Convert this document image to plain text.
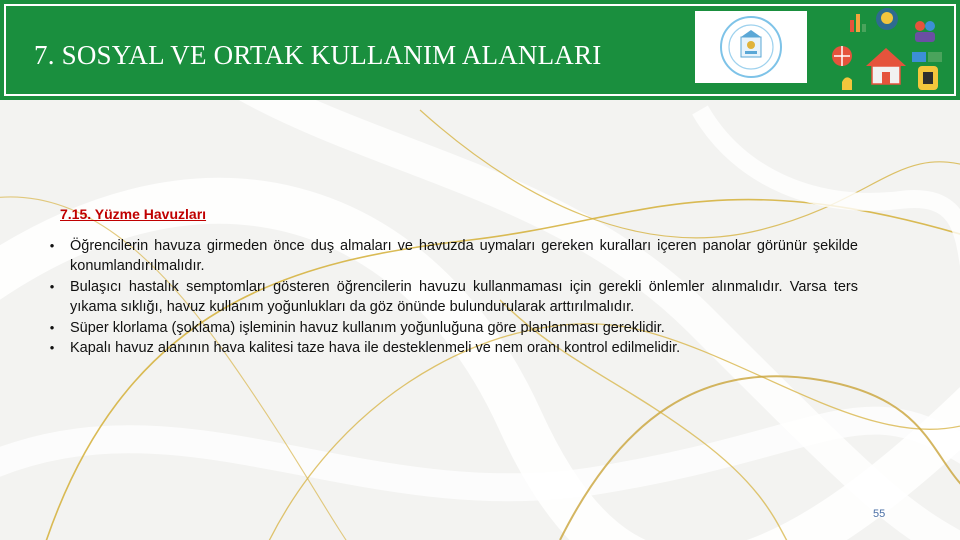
7. SOSYAL VE ORTAK KULLANIM ALANLARI
7.15. Yüzme Havuzları
•	Öğrencilerin havuza girmeden önce duş almaları ve havuzda uymaları gereken kuralları içeren panolar görünür şekilde konumlandırılmalıdır.
•	Bulaşıcı hastalık semptomları gösteren öğrencilerin havuzu kullanmaması için gerekli önlemler alınmalıdır. Varsa ters yıkama sıklığı, havuz kullanım yoğunlukları da göz önünde bulundurularak arttırılmalıdır.
•	Süper klorlama (şoklama) işleminin havuz kullanım yoğunluğuna göre planlanması gereklidir.
•	Kapalı havuz alanının hava kalitesi taze hava ile desteklenmeli ve nem oranı kontrol edilmelidir.
55
